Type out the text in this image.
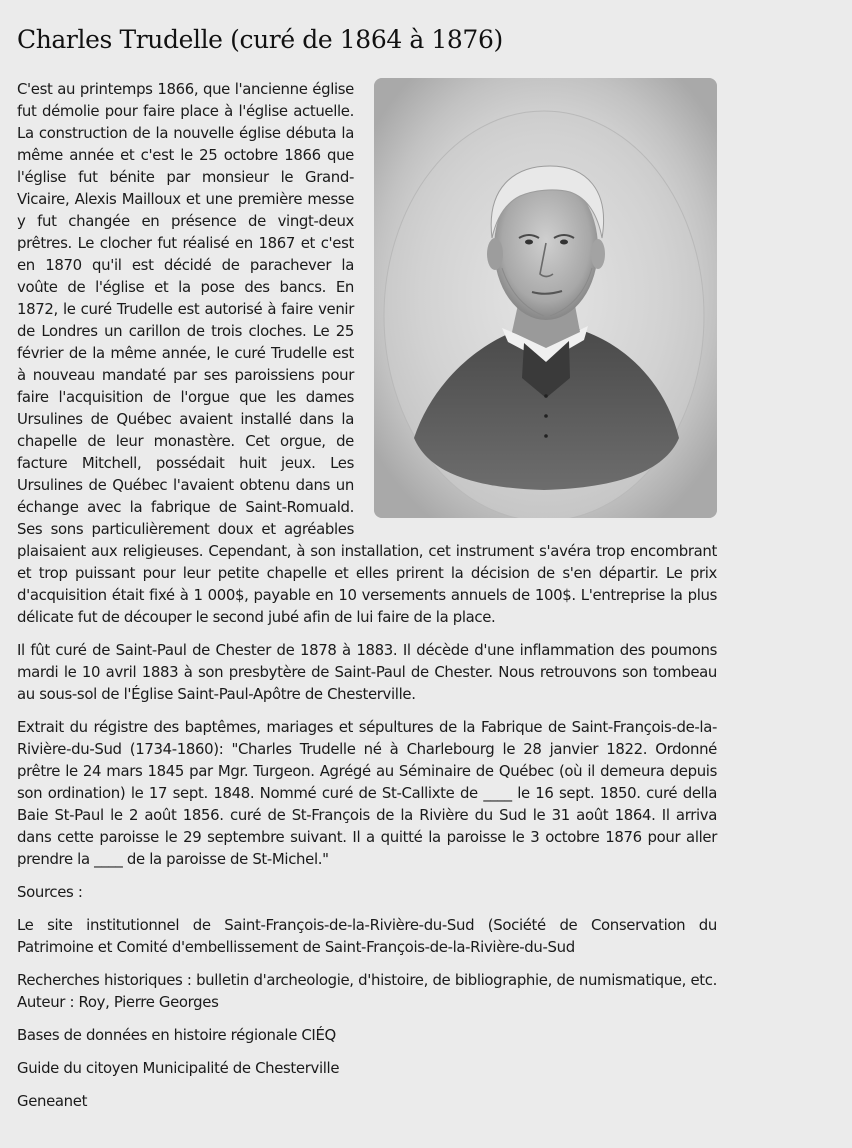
Charles Trudelle (curé de 1864 à 1876)

C'est au printemps 1866, que l'ancienne église fut démolie pour faire place à l'église actuelle. La construction de la nouvelle église débuta la même année et c'est le 25 octobre 1866 que l'église fut bénite par monsieur le Grand-Vicaire, Alexis Mailloux et une première messe y fut changée en présence de vingt-deux prêtres. Le clocher fut réalisé en 1867 et c'est en 1870 qu'il est décidé de parachever la voûte de l'église et la pose des bancs. En 1872, le curé Trudelle est autorisé à faire venir de Londres un carillon de trois cloches. Le 25 février de la même année, le curé Trudelle est à nouveau mandaté par ses paroissiens pour faire l'acquisition de l'orgue que les dames Ursulines de Québec avaient installé dans la chapelle de leur monastère. Cet orgue, de facture Mitchell, possédait huit jeux. Les Ursulines de Québec l'avaient obtenu dans un échange avec la fabrique de Saint-Romuald. Ses sons particulièrement doux et agréables plaisaient aux religieuses. Cependant, à son installation, cet instrument s'avéra trop encombrant et trop puissant pour leur petite chapelle et elles prirent la décision de s'en départir. Le prix d'acquisition était fixé à 1 000$, payable en 10 versements annuels de 100$. L'entreprise la plus délicate fut de découper le second jubé afin de lui faire de la place.

Il fût curé de Saint-Paul de Chester de 1878 à 1883. Il décède d'une inflammation des poumons mardi le 10 avril 1883 à son presbytère de Saint-Paul de Chester. Nous retrouvons son tombeau au sous-sol de l'Église Saint-Paul-Apôtre de Chesterville.

Extrait du régistre des baptêmes, mariages et sépultures de la Fabrique de Saint-François-de-la-Rivière-du-Sud (1734-1860): "Charles Trudelle né à Charlebourg le 28 janvier 1822. Ordonné prêtre le 24 mars 1845 par Mgr. Turgeon. Agrégé au Séminaire de Québec (où il demeura depuis son ordination) le 17 sept. 1848. Nommé curé de St-Callixte de ____ le 16 sept. 1850. curé della Baie St-Paul le 2 août 1856. curé de St-François de la Rivière du Sud le 31 août 1864. Il arriva dans cette paroisse le 29 septembre suivant. Il a quitté la paroisse le 3 octobre 1876 pour aller prendre la ____ de la paroisse de St-Michel."

Sources :

Le site institutionnel de Saint-François-de-la-Rivière-du-Sud (Société de Conservation du Patrimoine et Comité d'embellissement de Saint-François-de-la-Rivière-du-Sud

Recherches historiques : bulletin d'archeologie, d'histoire, de bibliographie, de numismatique, etc. Auteur : Roy, Pierre Georges

Bases de données en histoire régionale CIÉQ

Guide du citoyen Municipalité de Chesterville

Geneanet
